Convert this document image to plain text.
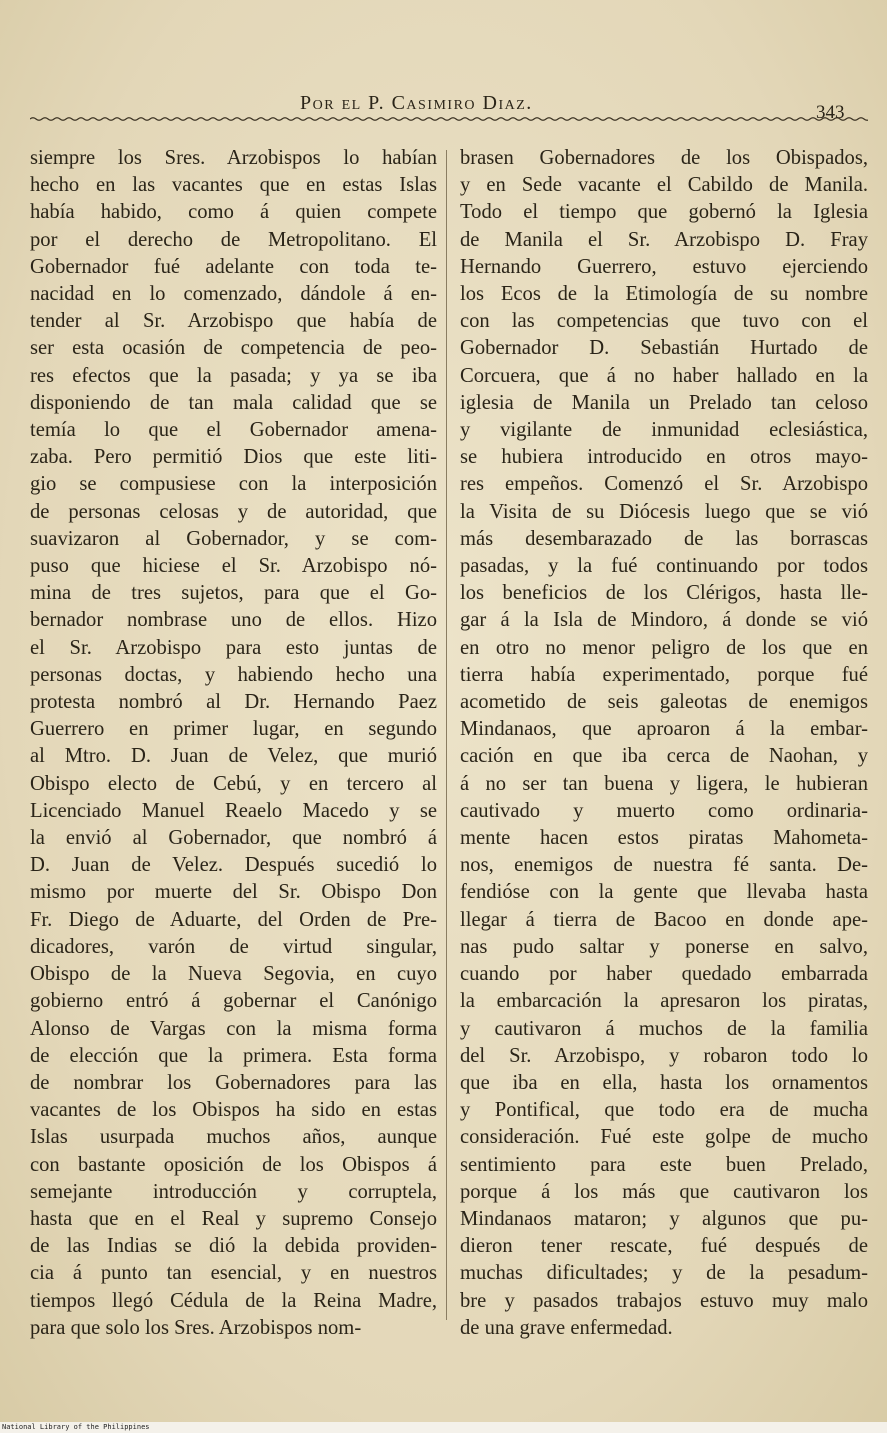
Por el P. Casimiro Diaz.	343
siempre los Sres. Arzobispos lo habían
hecho en las vacantes que en estas Islas
había habido, como á quien compete
por el derecho de Metropolitano. El
Gobernador fué adelante con toda te-
nacidad en lo comenzado, dándole á en-
tender al Sr. Arzobispo que había de
ser esta ocasión de competencia de peo-
res efectos que la pasada; y ya se iba
disponiendo de tan mala calidad que se
temía lo que el Gobernador amena-
zaba. Pero permitió Dios que este liti-
gio se compusiese con la interposición
de personas celosas y de autoridad, que
suavizaron al Gobernador, y se com-
puso que hiciese el Sr. Arzobispo nó-
mina de tres sujetos, para que el Go-
bernador nombrase uno de ellos. Hizo
el Sr. Arzobispo para esto juntas de
personas doctas, y habiendo hecho una
protesta nombró al Dr. Hernando Paez
Guerrero en primer lugar, en segundo
al Mtro. D. Juan de Velez, que murió
Obispo electo de Cebú, y en tercero al
Licenciado Manuel Reaelo Macedo y se
la envió al Gobernador, que nombró á
D. Juan de Velez. Después sucedió lo
mismo por muerte del Sr. Obispo Don
Fr. Diego de Aduarte, del Orden de Pre-
dicadores, varón de virtud singular,
Obispo de la Nueva Segovia, en cuyo
gobierno entró á gobernar el Canónigo
Alonso de Vargas con la misma forma
de elección que la primera. Esta forma
de nombrar los Gobernadores para las
vacantes de los Obispos ha sido en estas
Islas usurpada muchos años, aunque
con bastante oposición de los Obispos á
semejante introducción y corruptela,
hasta que en el Real y supremo Consejo
de las Indias se dió la debida providen-
cia á punto tan esencial, y en nuestros
tiempos llegó Cédula de la Reina Madre,
para que solo los Sres. Arzobispos nom-
brasen Gobernadores de los Obispados,
y en Sede vacante el Cabildo de Manila.
Todo el tiempo que gobernó la Iglesia
de Manila el Sr. Arzobispo D. Fray
Hernando Guerrero, estuvo ejerciendo
los Ecos de la Etimología de su nombre
con las competencias que tuvo con el
Gobernador D. Sebastián Hurtado de
Corcuera, que á no haber hallado en la
iglesia de Manila un Prelado tan celoso
y vigilante de inmunidad eclesiástica,
se hubiera introducido en otros mayo-
res empeños. Comenzó el Sr. Arzobispo
la Visita de su Diócesis luego que se vió
más desembarazado de las borrascas
pasadas, y la fué continuando por todos
los beneficios de los Clérigos, hasta lle-
gar á la Isla de Mindoro, á donde se vió
en otro no menor peligro de los que en
tierra había experimentado, porque fué
acometido de seis galeotas de enemigos
Mindanaos, que aproaron á la embar-
cación en que iba cerca de Naohan, y
á no ser tan buena y ligera, le hubieran
cautivado y muerto como ordinaria-
mente hacen estos piratas Mahometa-
nos, enemigos de nuestra fé santa. De-
fendióse con la gente que llevaba hasta
llegar á tierra de Bacoo en donde ape-
nas pudo saltar y ponerse en salvo,
cuando por haber quedado embarrada
la embarcación la apresaron los piratas,
y cautivaron á muchos de la familia
del Sr. Arzobispo, y robaron todo lo
que iba en ella, hasta los ornamentos
y Pontifical, que todo era de mucha
consideración. Fué este golpe de mucho
sentimiento para este buen Prelado,
porque á los más que cautivaron los
Mindanaos mataron; y algunos que pu-
dieron tener rescate, fué después de
muchas dificultades; y de la pesadum-
bre y pasados trabajos estuvo muy malo
de una grave enfermedad.
National Library of the Philippines
